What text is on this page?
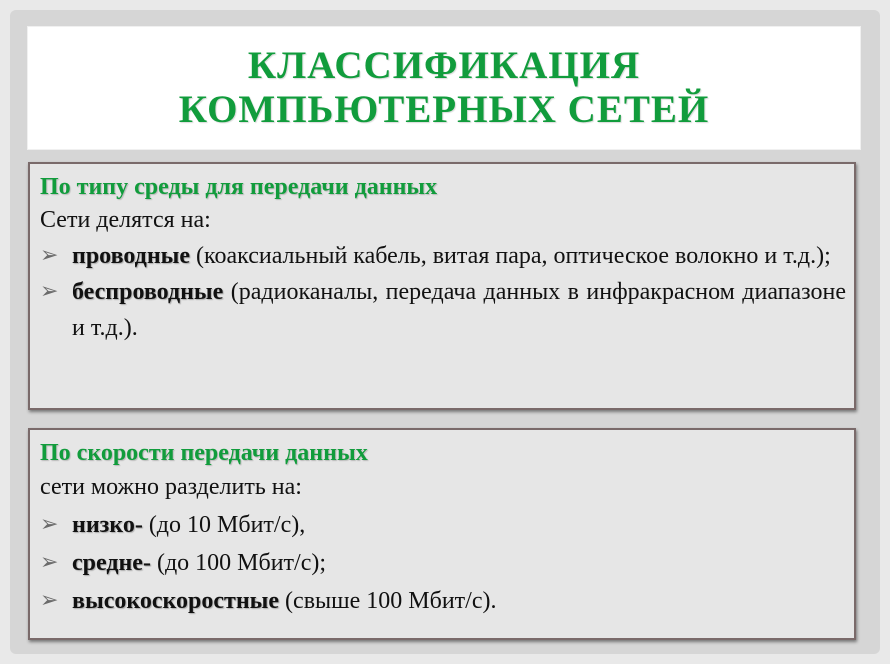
КЛАССИФИКАЦИЯ
КОМПЬЮТЕРНЫХ СЕТЕЙ
По типу среды для передачи данных
Сети делятся на:
➢ проводные (коаксиальный кабель, витая пара, оптическое волокно и т.д.);
➢ беспроводные (радиоканалы, передача данных в инфракрасном диапазоне и т.д.).
По скорости передачи данных
сети можно разделить на:
➢ низко- (до 10 Мбит/с),
➢ средне- (до 100 Мбит/с);
➢ высокоскоростные (свыше 100 Мбит/с).
